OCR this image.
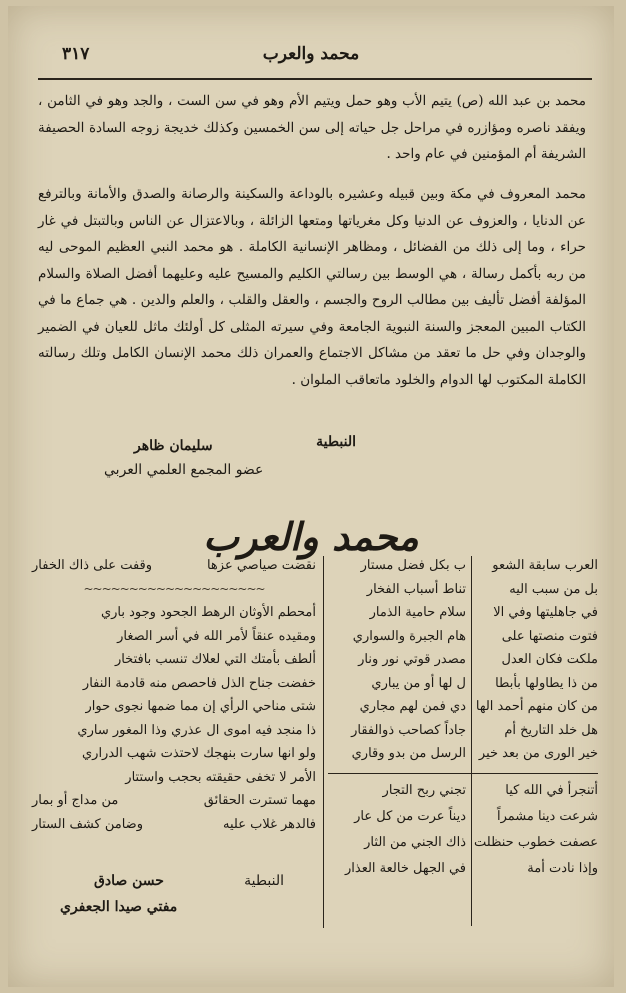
محمد والعرب
٣١٧
محمد بن عبد الله (ص) يتيم الأب وهو حمل ويتيم الأم وهو في سن الست ، والجد وهو في الثامن ، ويفقد ناصره ومؤازره في مراحل جل حياته إلى سن الخمسين وكذلك خديجة زوجه السادة الحصيفة الشريفة أم المؤمنين في عام واحد .
محمد المعروف في مكة وبين قبيله وعشيره بالوداعة والسكينة والرصانة والصدق والأمانة وبالترفع عن الدنايا ، والعزوف عن الدنيا وكل مغرياتها ومتعها الزائلة ، وبالاعتزال عن الناس وبالتبتل في غار حراء ، وما إلى ذلك من الفضائل ، ومظاهر الإنسانية الكاملة . هو محمد النبي العظيم الموحى ليه من ربه بأكمل رسالة ، هي الوسط بين رسالتي الكليم والمسيح عليه وعليهما أفضل الصلاة والسلام المؤلفة أفضل تأليف بين مطالب الروح والجسم ، والعقل والقلب ، والعلم والدين . هي جماع ما في الكتاب المبين المعجز والسنة النبوية الجامعة وفي سيرته المثلى كل أولئك ماثل للعيان في الضمير والوجدان وفي حل ما تعقد من مشاكل الاجتماع والعمران ذلك محمد الإنسان الكامل وتلك رسالته الكاملة المكتوب لها الدوام والخلود ماتعاقب الملوان .
النبطية
سليمان ظاهر
عضو المجمع العلمي العربي
محمد والعرب
العرب سابقة الشعو
بل من سبب اليه
في جاهليتها وفي الا
فتوت منصتها على
ملكت فكان العدل
من ذا يطاولها بأبطا
من كان منهم أحمد الها
هل خلد التاريخ أم
خير الورى من بعد خير
ب بكل فضل مستار
تناط أسباب الفخار
سلام حامية الذمار
هام الجبرة والسواري
مصدر قوتي نور ونار
ل لها أو من يباري
دي فمن لهم مجاري
جاداً كصاحب ذوالفقار
الرسل من بدو وقاري
أتنجرأ في الله كيا
شرعت دينا مشمراً
عصفت خطوب حنظلت
وإذا نادت أمة
تجني ربح التجار
ديناً عرت من كل عار
ذاك الجني من الثار
في الجهل خالعة العذار
نقضت صياصي عزها
وقفت على ذاك الخفار
~~~~~~~~~~~~~~~~~~~~
أمحطم الأوثان الرهط الجحود وجود باري
ومقيده عنقاً لأمر الله في أسر الصغار
ألطف بأمتك التي لعلاك تنسب بافتخار
خفضت جناح الذل فاحصص منه قادمة النفار
شتى مناحي الرأي إن مما ضمها نجوى حوار
ذا منجد فيه اموى ال عذري وذا المغور ساري
ولو انها سارت بنهجك لاحتذت شهب الدراري
الأمر لا تخفى حقيقته بحجب واستتار
مهما تسترت الحقائق
من مداج أو بمار
فالدهر غلاب عليه
وضامن كشف الستار
النبطية
حسن صادق
مفتي صيدا الجعفري
